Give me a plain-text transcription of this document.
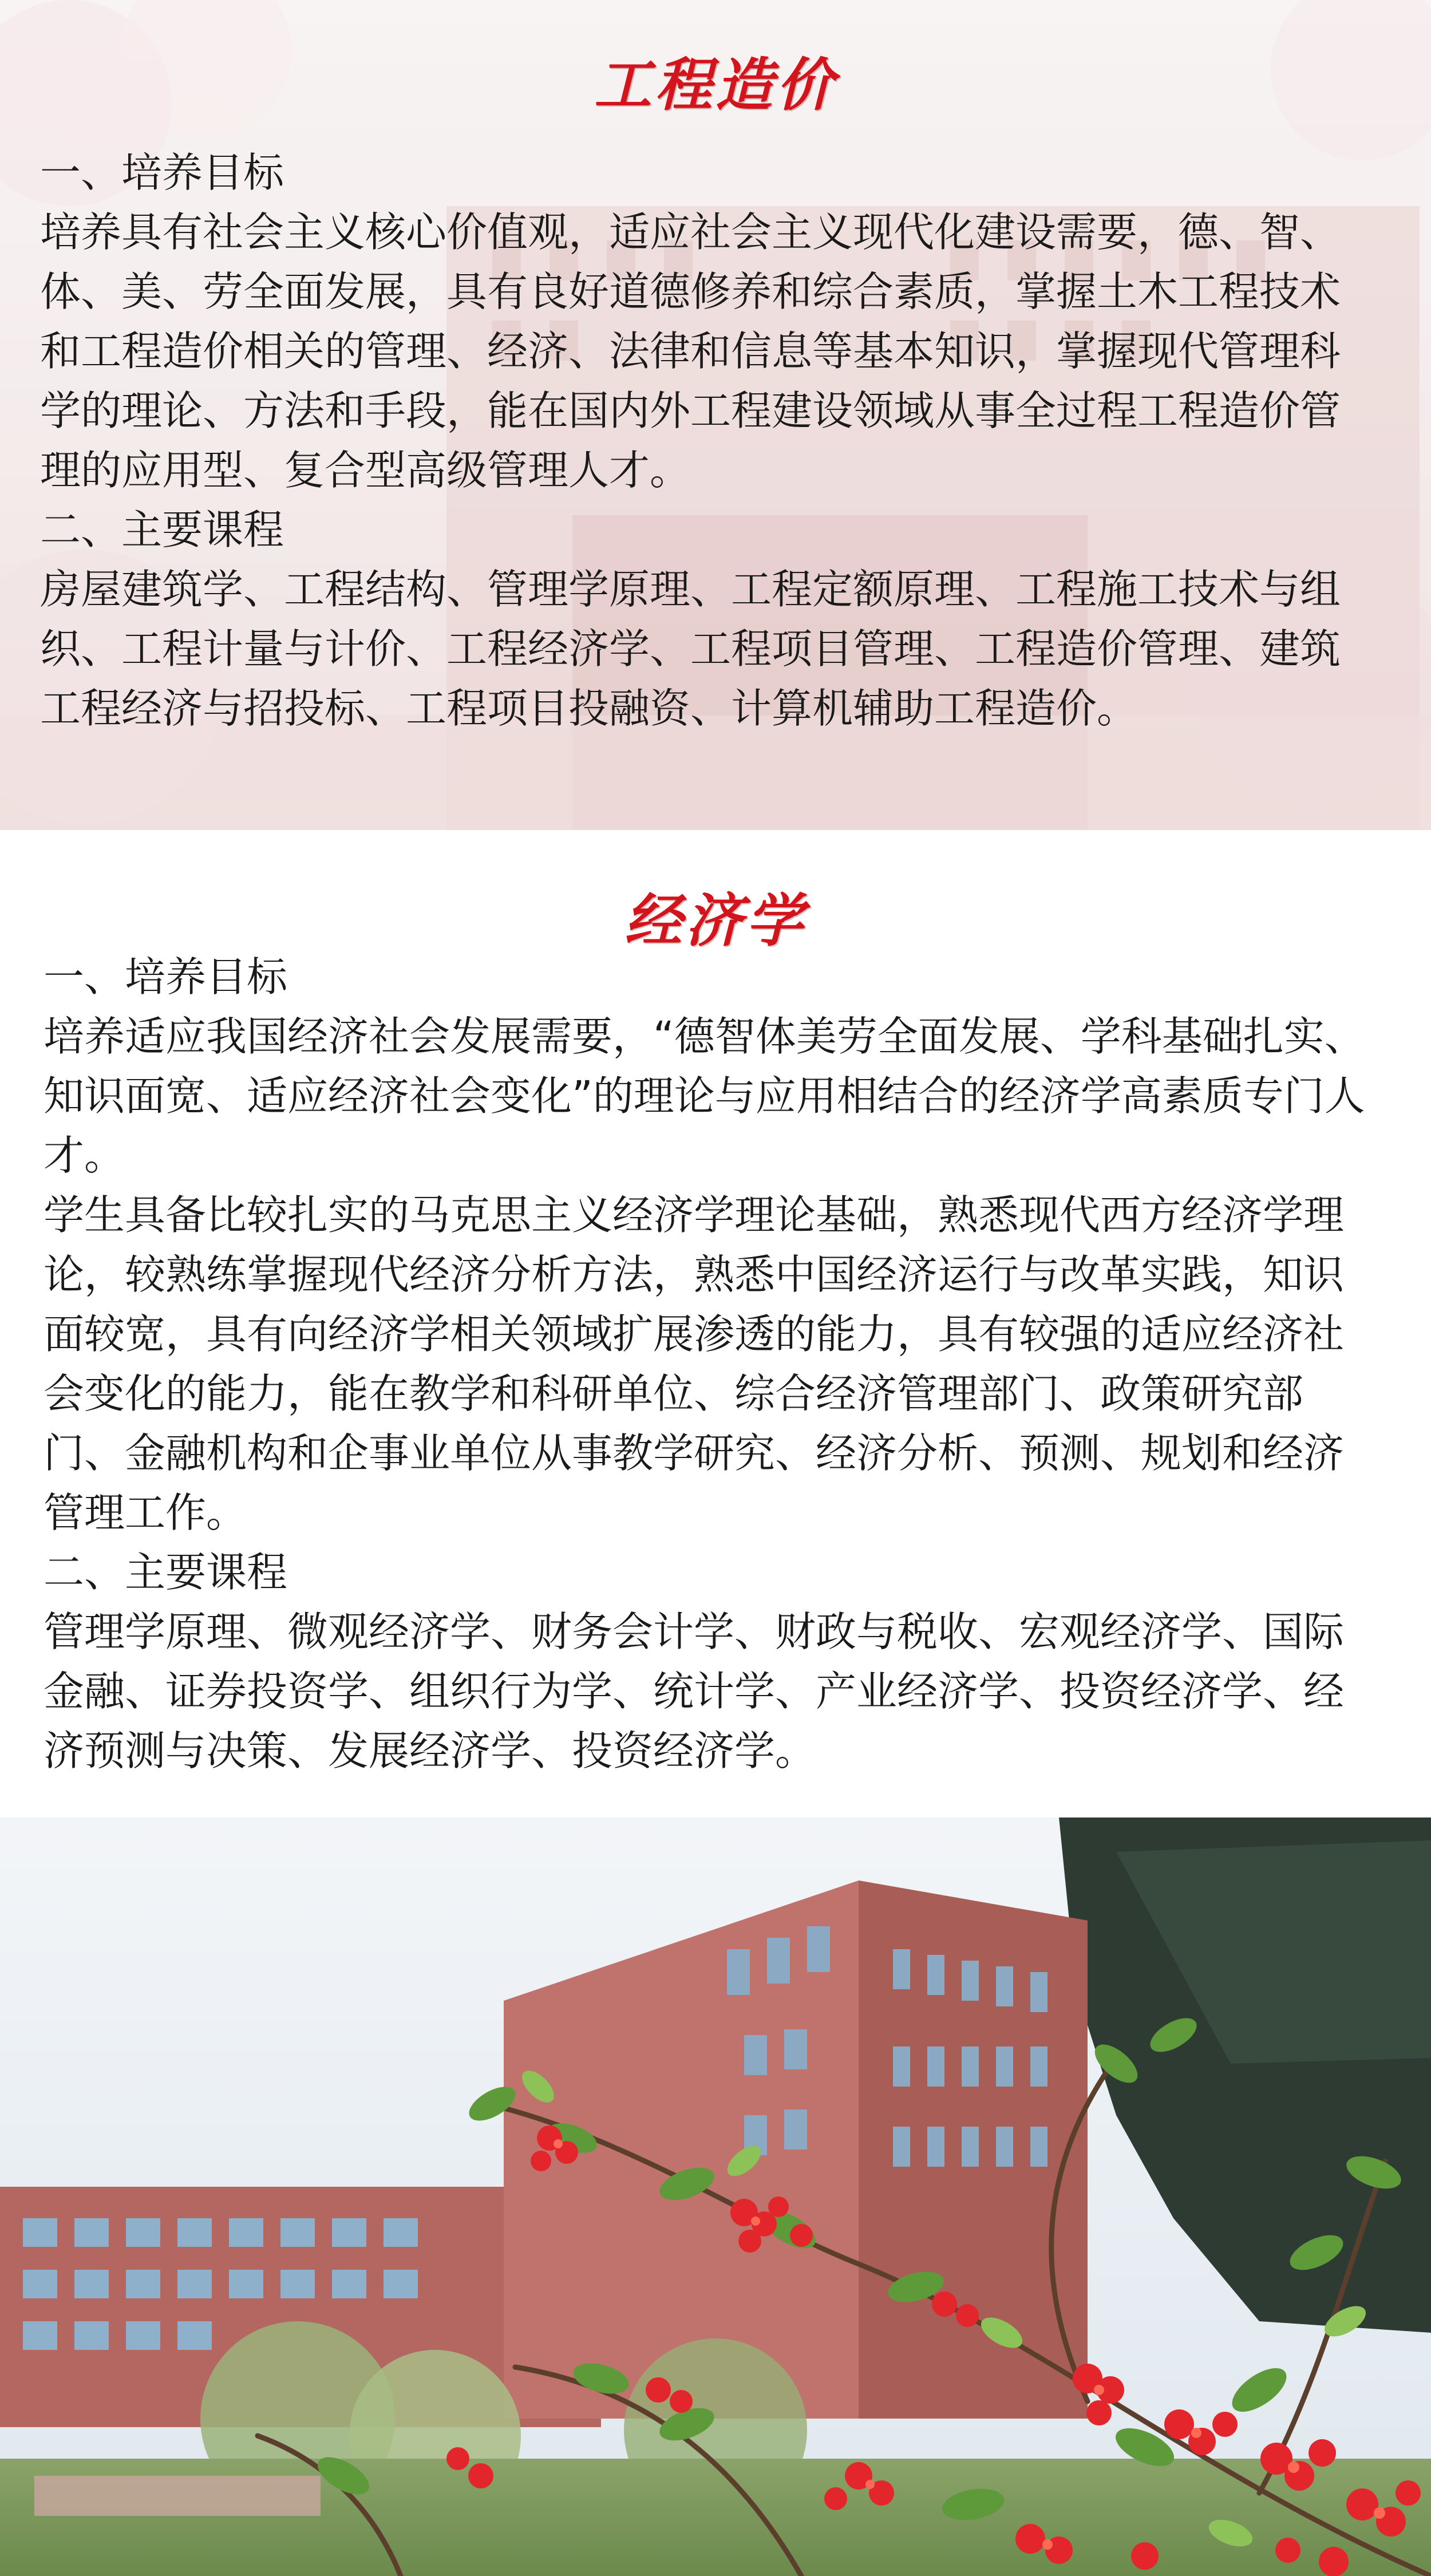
工程造价

一、培养目标

培养具有社会主义核心价值观，适应社会主义现代化建设需要，德、智、体、美、劳全面发展，具有良好道德修养和综合素质，掌握土木工程技术和工程造价相关的管理、经济、法律和信息等基本知识，掌握现代管理科学的理论、方法和手段，能在国内外工程建设领域从事全过程工程造价管理的应用型、复合型高级管理人才。

二、主要课程

房屋建筑学、工程结构、管理学原理、工程定额原理、工程施工技术与组织、工程计量与计价、工程经济学、工程项目管理、工程造价管理、建筑工程经济与招投标、工程项目投融资、计算机辅助工程造价。

经济学

一、培养目标

培养适应我国经济社会发展需要，“德智体美劳全面发展、学科基础扎实、知识面宽、适应经济社会变化”的理论与应用相结合的经济学高素质专门人才。

学生具备比较扎实的马克思主义经济学理论基础，熟悉现代西方经济学理论，较熟练掌握现代经济分析方法，熟悉中国经济运行与改革实践，知识面较宽，具有向经济学相关领域扩展渗透的能力，具有较强的适应经济社会变化的能力，能在教学和科研单位、综合经济管理部门、政策研究部门、金融机构和企事业单位从事教学研究、经济分析、预测、规划和经济管理工作。

二、主要课程

管理学原理、微观经济学、财务会计学、财政与税收、宏观经济学、国际金融、证券投资学、组织行为学、统计学、产业经济学、投资经济学、经济预测与决策、发展经济学、投资经济学。
